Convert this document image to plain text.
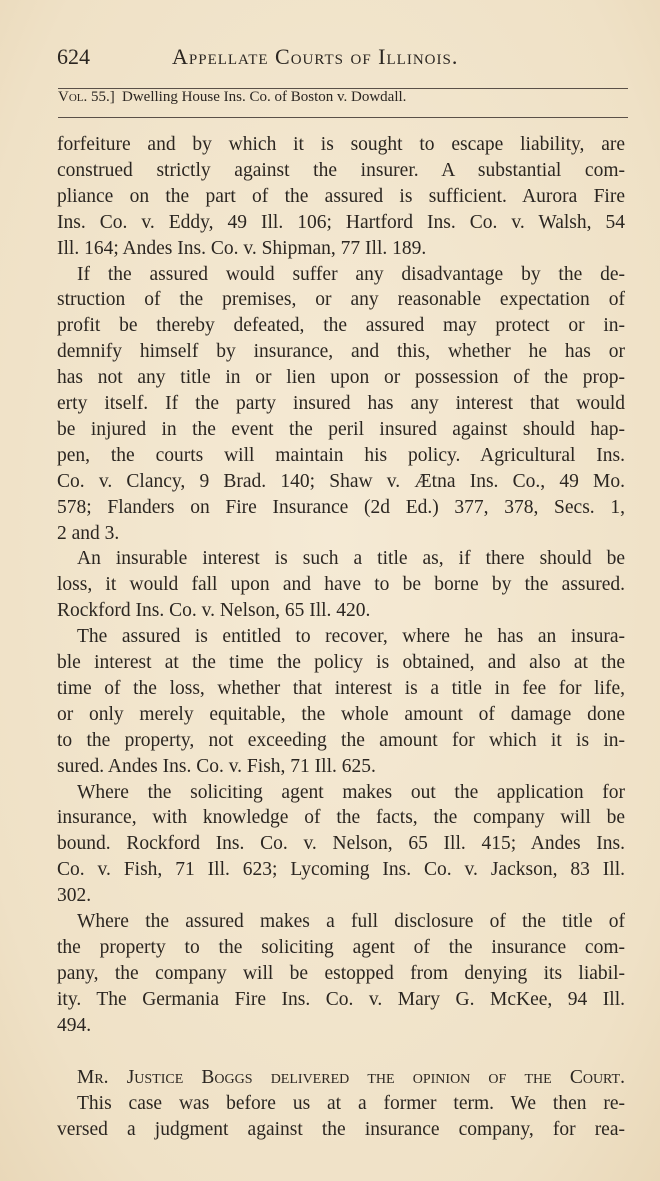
624	Appellate Courts of Illinois.
Vol. 55.] Dwelling House Ins. Co. of Boston v. Dowdall.
forfeiture and by which it is sought to escape liability, are
construed strictly against the insurer. A substantial com-
pliance on the part of the assured is sufficient. Aurora Fire
Ins. Co. v. Eddy, 49 Ill. 106; Hartford Ins. Co. v. Walsh, 54
Ill. 164; Andes Ins. Co. v. Shipman, 77 Ill. 189.
If the assured would suffer any disadvantage by the de-
struction of the premises, or any reasonable expectation of
profit be thereby defeated, the assured may protect or in-
demnify himself by insurance, and this, whether he has or
has not any title in or lien upon or possession of the prop-
erty itself. If the party insured has any interest that would
be injured in the event the peril insured against should hap-
pen, the courts will maintain his policy. Agricultural Ins.
Co. v. Clancy, 9 Brad. 140; Shaw v. Ætna Ins. Co., 49 Mo.
578; Flanders on Fire Insurance (2d Ed.) 377, 378, Secs. 1,
2 and 3.
An insurable interest is such a title as, if there should be
loss, it would fall upon and have to be borne by the assured.
Rockford Ins. Co. v. Nelson, 65 Ill. 420.
The assured is entitled to recover, where he has an insura-
ble interest at the time the policy is obtained, and also at the
time of the loss, whether that interest is a title in fee for life,
or only merely equitable, the whole amount of damage done
to the property, not exceeding the amount for which it is in-
sured. Andes Ins. Co. v. Fish, 71 Ill. 625.
Where the soliciting agent makes out the application for
insurance, with knowledge of the facts, the company will be
bound. Rockford Ins. Co. v. Nelson, 65 Ill. 415; Andes Ins.
Co. v. Fish, 71 Ill. 623; Lycoming Ins. Co. v. Jackson, 83 Ill.
302.
Where the assured makes a full disclosure of the title of
the property to the soliciting agent of the insurance com-
pany, the company will be estopped from denying its liabil-
ity. The Germania Fire Ins. Co. v. Mary G. McKee, 94 Ill.
494.
Mr. Justice Boggs delivered the opinion of the Court.
This case was before us at a former term. We then re-
versed a judgment against the insurance company, for rea-
